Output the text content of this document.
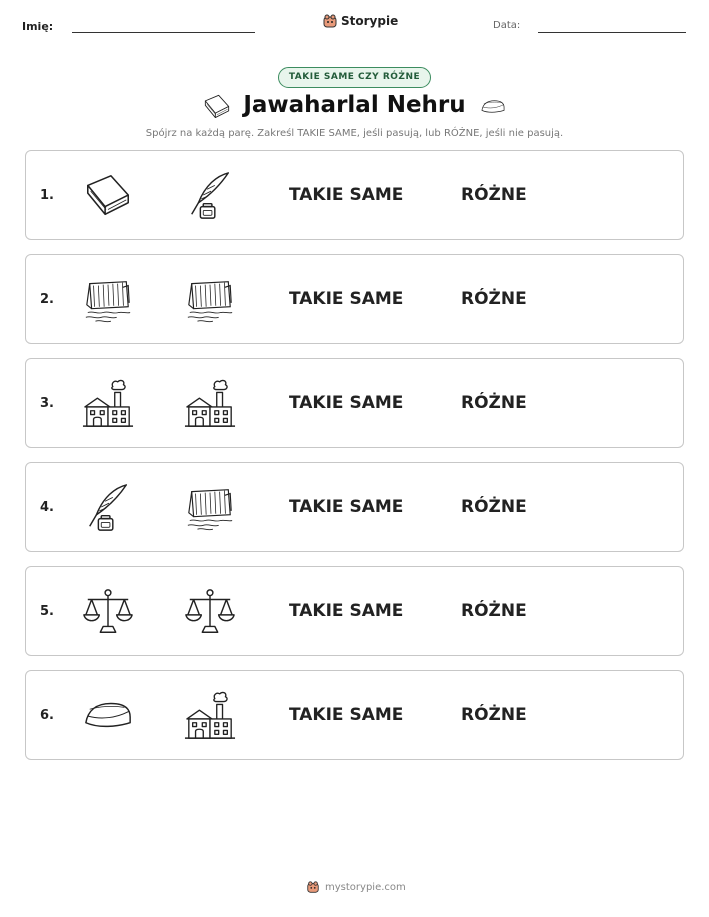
Imię:	Storypie	Data:
TAKIE SAME CZY RÓŻNE
Jawaharlal Nehru
Spójrz na każdą parę. Zakreśl TAKIE SAME, jeśli pasują, lub RÓŻNE, jeśli nie pasują.
1.	TAKIE SAME	RÓŻNE
2.	TAKIE SAME	RÓŻNE
3.	TAKIE SAME	RÓŻNE
4.	TAKIE SAME	RÓŻNE
5.	TAKIE SAME	RÓŻNE
6.	TAKIE SAME	RÓŻNE
mystorypie.com
